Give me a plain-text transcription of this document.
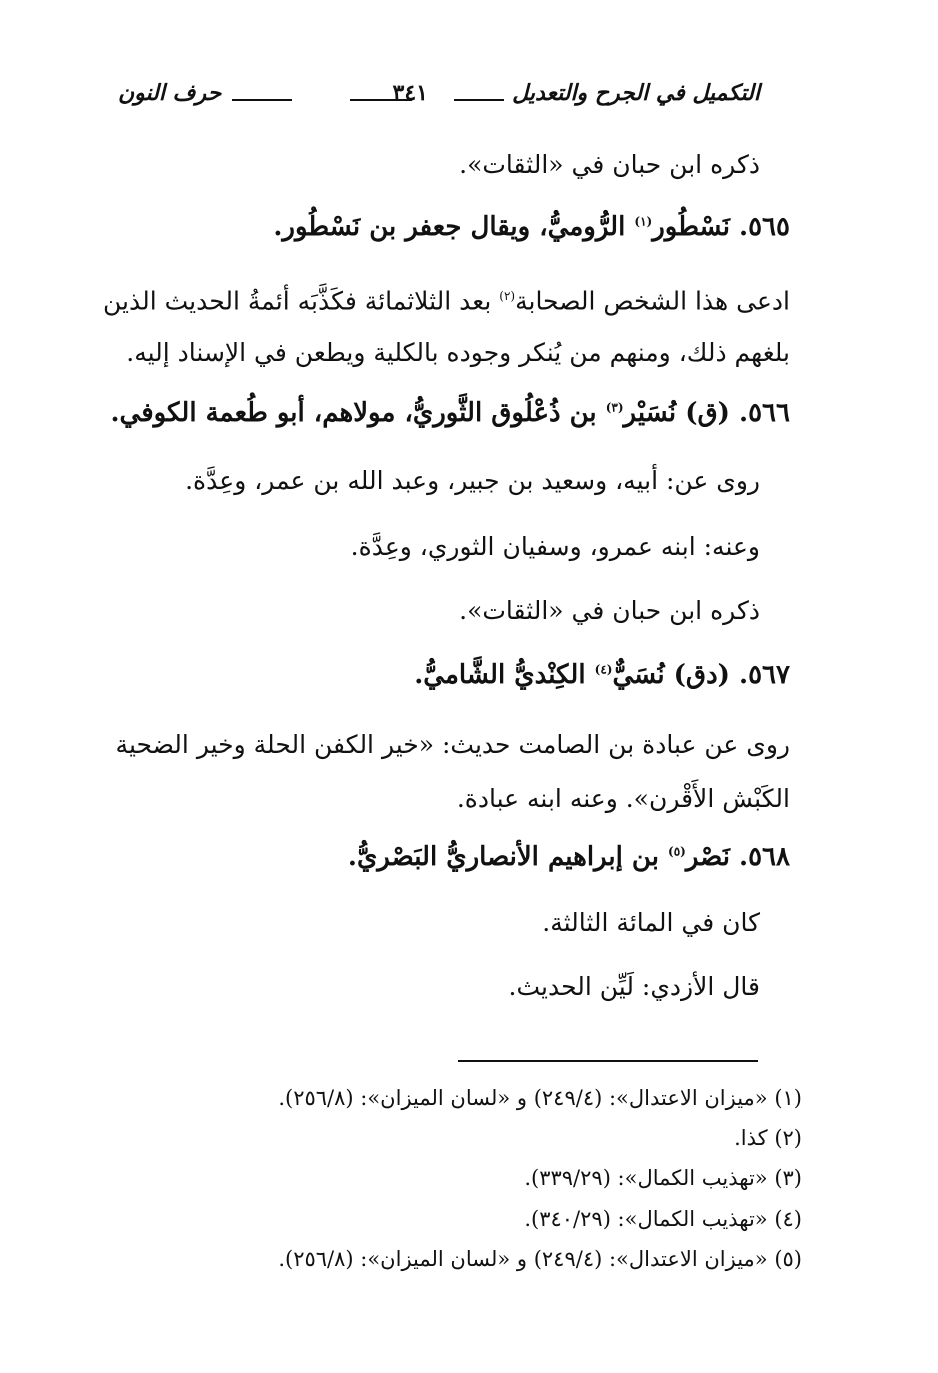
التكميل في الجرح والتعديل
٣٤١
حرف النون
ذكره ابن حبان في «الثقات».
٥٦٥. نَسْطُور$^{(١)}$ الرُّوميُّ، ويقال جعفر بن نَسْطُور.
ادعى هذا الشخص الصحابة$^{(٢)}$ بعد الثلاثمائة فكَذَّبَه أئمةُ الحديث الذين
بلغهم ذلك، ومنهم من يُنكر وجوده بالكلية ويطعن في الإسناد إليه.
٥٦٦. (ق) نُسَيْر$^{(٣)}$ بن ذُعْلُوق الثَّوريُّ، مولاهم، أبو طُعمة الكوفي.
روى عن: أبيه، وسعيد بن جبير، وعبد الله بن عمر، وعِدَّة.
وعنه: ابنه عمرو، وسفيان الثوري، وعِدَّة.
ذكره ابن حبان في «الثقات».
٥٦٧. (دق) نُسَيٌّ$^{(٤)}$ الكِنْديُّ الشَّاميُّ.
روى عن عبادة بن الصامت حديث: «خير الكفن الحلة وخير الضحية
الكَبْش الأَقْرن». وعنه ابنه عبادة.
٥٦٨. نَصْر$^{(٥)}$ بن إبراهيم الأنصاريُّ البَصْريُّ.
كان في المائة الثالثة.
قال الأزدي: لَيِّن الحديث.
(١) «ميزان الاعتدال»: (٢٤٩/٤) و «لسان الميزان»: (٢٥٦/٨).
(٢) كذا.
(٣) «تهذيب الكمال»: (٣٣٩/٢٩).
(٤) «تهذيب الكمال»: (٣٤٠/٢٩).
(٥) «ميزان الاعتدال»: (٢٤٩/٤) و «لسان الميزان»: (٢٥٦/٨).
